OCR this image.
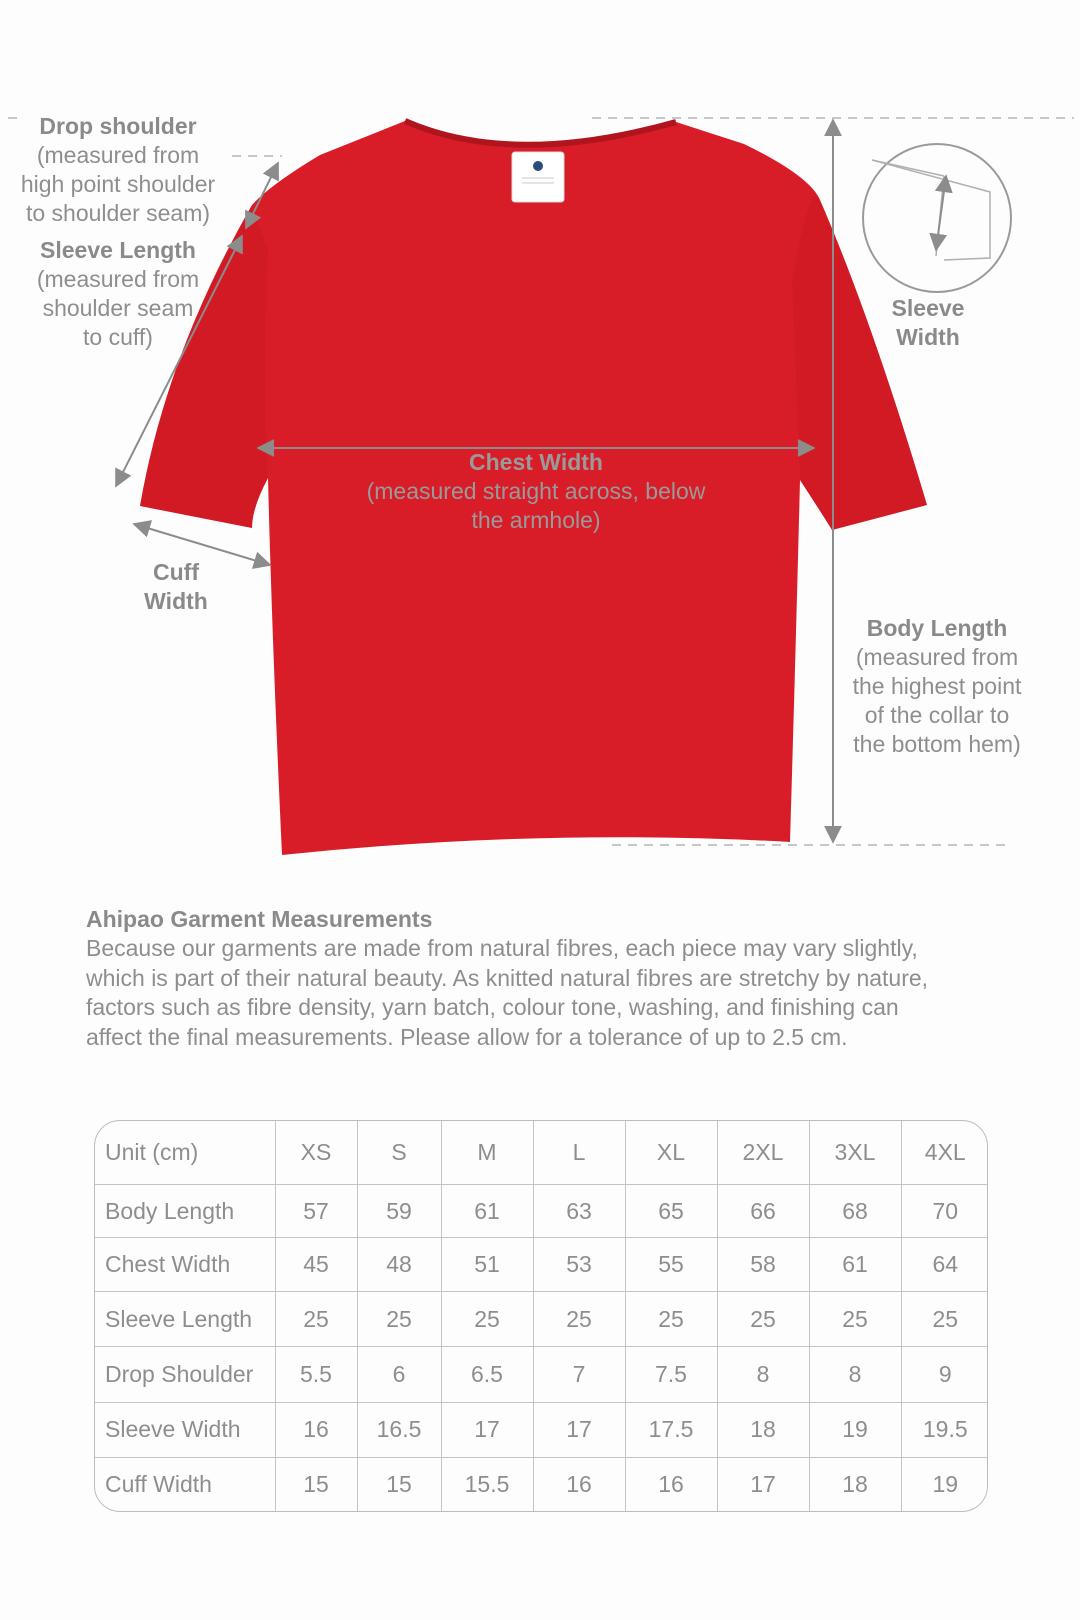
Drop shoulder
(measured from
high point shoulder
to shoulder seam)
Sleeve Length
(measured from
shoulder seam
to cuff)
Cuff
Width
Chest Width
(measured straight across, below
the armhole)
Sleeve
Width
Body Length
(measured from
the highest point
of the collar to
the bottom hem)
Ahipao Garment Measurements
Because our garments are made from natural fibres, each piece may vary slightly,
which is part of their natural beauty. As knitted natural fibres are stretchy by nature,
factors such as fibre density, yarn batch, colour tone, washing, and finishing can
affect the final measurements. Please allow for a tolerance of up to 2.5 cm.
Unit (cm)	XS	S	M	L	XL	2XL	3XL	4XL
Body Length	57	59	61	63	65	66	68	70
Chest Width	45	48	51	53	55	58	61	64
Sleeve Length	25	25	25	25	25	25	25	25
Drop Shoulder	5.5	6	6.5	7	7.5	8	8	9
Sleeve Width	16	16.5	17	17	17.5	18	19	19.5
Cuff Width	15	15	15.5	16	16	17	18	19
